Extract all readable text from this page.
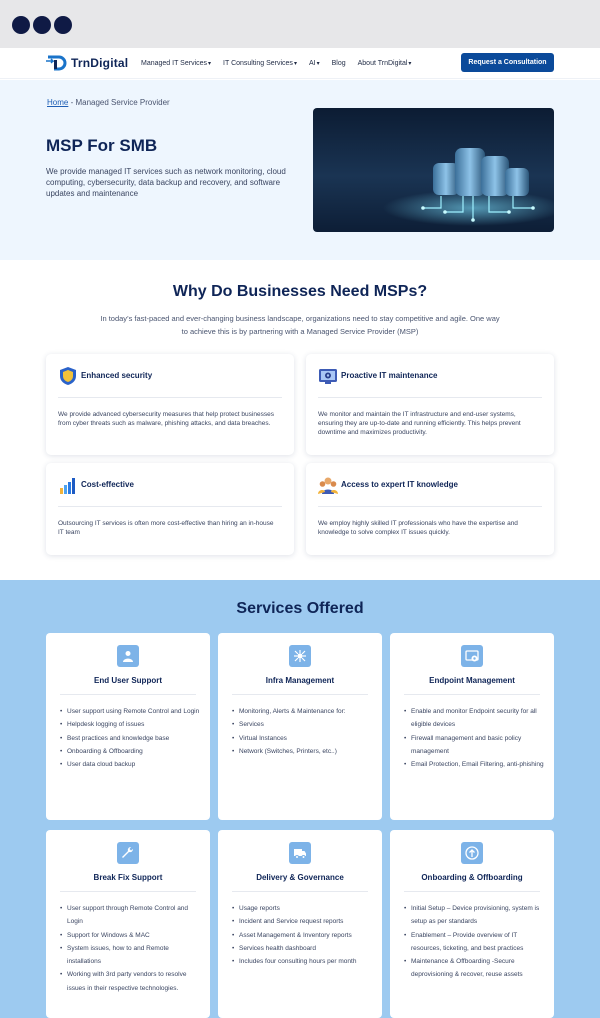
TrnDigital Managed IT Services▾ IT Consulting Services▾ AI▾ Blog About TrnDigital▾	Request a Consultation
Home - Managed Service Provider
MSP For SMB

We provide managed IT services such as network monitoring, cloud computing, cybersecurity, data backup and recovery, and software updates and maintenance

Why Do Businesses Need MSPs?

In today’s fast-paced and ever-changing business landscape, organizations need to stay competitive and agile. One way to achieve this is by partnering with a Managed Service Provider (MSP)

Enhanced security

We provide advanced cybersecurity measures that help protect businesses from cyber threats such as malware, phishing attacks, and data breaches.

Proactive IT maintenance

We monitor and maintain the IT infrastructure and end-user systems, ensuring they are up-to-date and running efficiently. This helps prevent downtime and maximizes productivity.

Cost-effective

Outsourcing IT services is often more cost-effective than hiring an in-house IT team

Access to expert IT knowledge

We employ highly skilled IT professionals who have the expertise and knowledge to solve complex IT issues quickly.

Services Offered
End User Support
• User support using Remote Control and Login
• Helpdesk logging of issues
• Best practices and knowledge base
• Onboarding & Offboarding
• User data cloud backup
Infra Management
• Monitoring, Alerts & Maintenance for:
• Services
• Virtual Instances
• Network (Switches, Printers, etc..)
Endpoint Management
• Enable and monitor Endpoint security for all eligible devices
• Firewall management and basic policy management
• Email Protection, Email Filtering, anti-phishing
Break Fix Support
• User support through Remote Control and Login
• Support for Windows & MAC
• System issues, how to and Remote installations
• Working with 3rd party vendors to resolve issues in their respective technologies.
Delivery & Governance
• Usage reports
• Incident and Service request reports
• Asset Management & Inventory reports
• Services health dashboard
• Includes four consulting hours per month
Onboarding & Offboarding
• Initial Setup – Device provisioning, system is setup as per standards
• Enablement – Provide overview of IT resources, ticketing, and best practices
• Maintenance & Offboarding -Secure deprovisioning & recover, reuse assets
